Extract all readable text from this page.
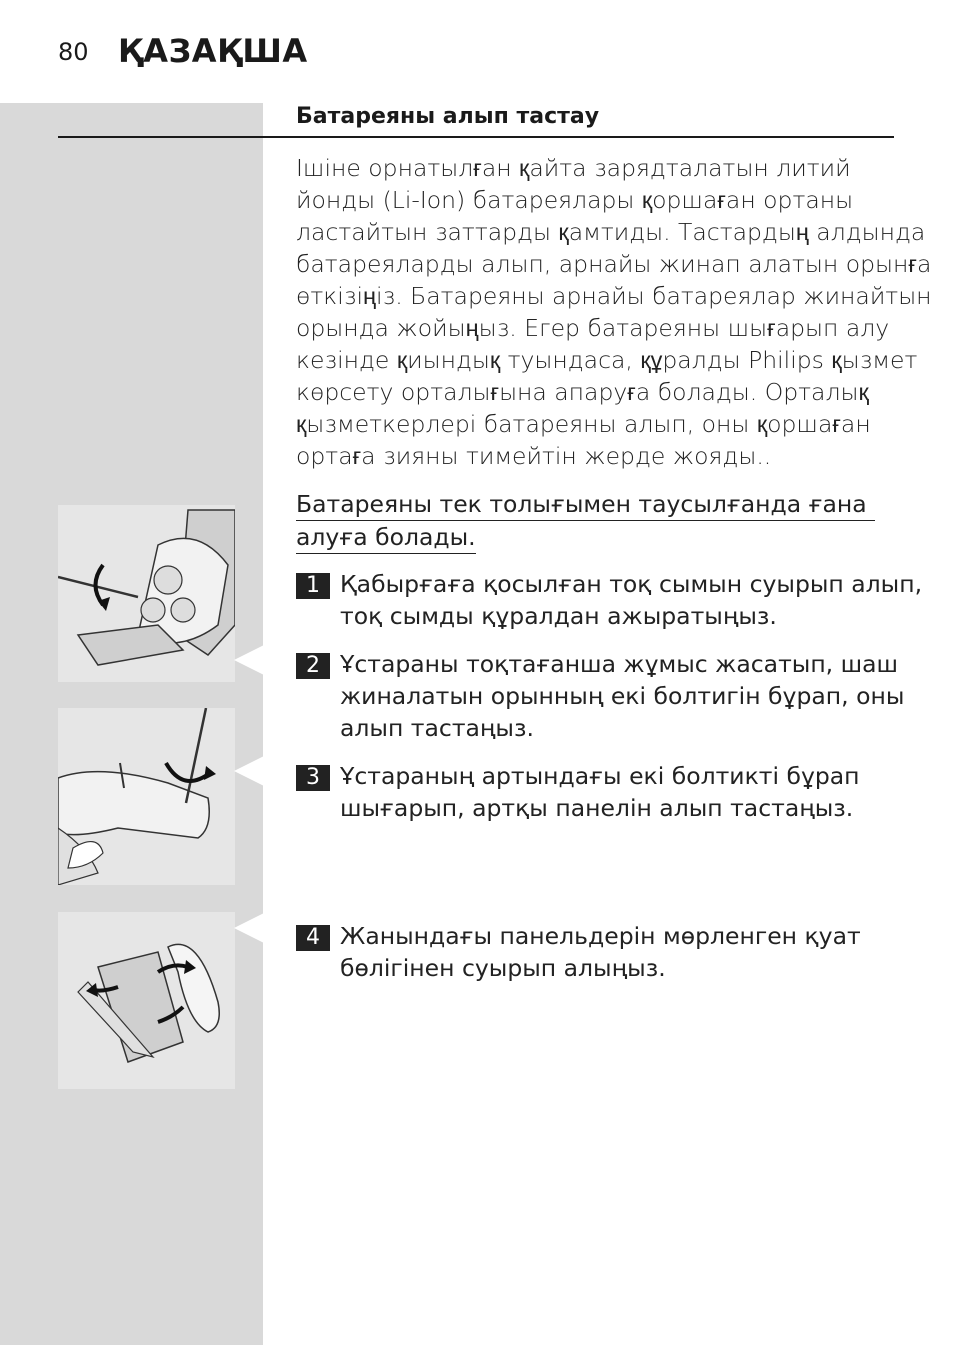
80 ҚАЗАҚША
Батареяны алып тастау
Ішіне орнатылған қайта зарядталатын литий
йонды (Li-Ion) батареялары қоршаған ортаны
ластайтын заттарды қамтиды. Тастардың алдында
батареяларды алып, арнайы жинап алатын орынға
өткізіңіз. Батареяны арнайы батареялар жинайтын
орында жойыңыз. Егер батареяны шығарып алу
кезінде қиындық туындаса, құралды Philips қызмет
көрсету орталығына апаруға болады. Орталық
қызметкерлері батареяны алып, оны қоршаған
ортаға зияны тимейтін жерде жояды..
Батареяны тек толығымен таусылғанда ғана
алуға болады.
1 Қабырғаға қосылған тоқ сымын суырып алып,
тоқ сымды құралдан ажыратыңыз.
2 Ұстараны тоқтағанша жұмыс жасатып, шаш
жиналатын орынның екі болтигін бұрап, оны
алып тастаңыз.
3 Ұстараның артындағы екі болтикті бұрап
шығарып, артқы панелін алып тастаңыз.
4 Жанындағы панельдерін мөрленген қуат
бөлігінен суырып алыңыз.
